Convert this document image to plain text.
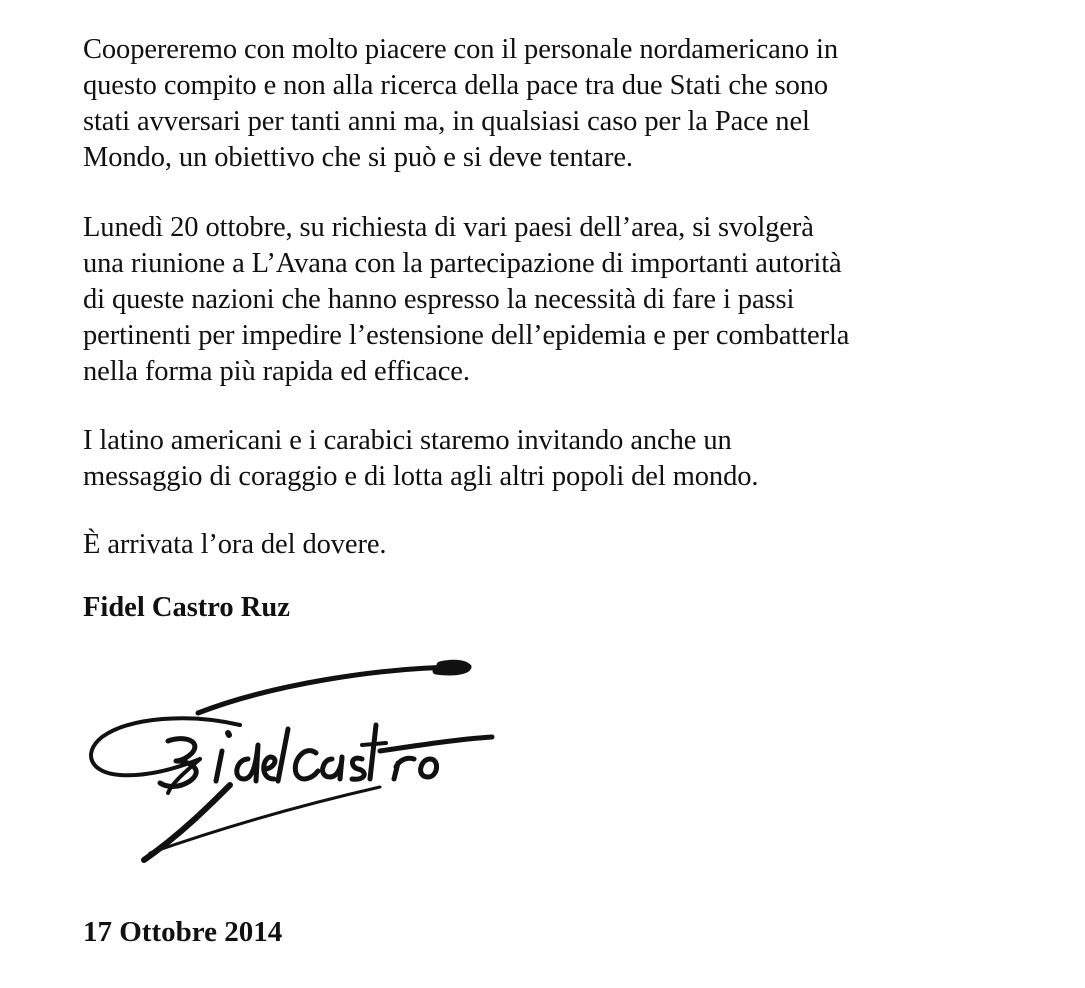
Coopereremo con molto piacere con il personale nordamericano in
questo compito e non alla ricerca della pace tra due Stati che sono
stati avversari per tanti anni ma, in qualsiasi caso per la Pace nel
Mondo, un obiettivo che si può e si deve tentare.

Lunedì 20 ottobre, su richiesta di vari paesi dell’area, si svolgerà
una riunione a L’Avana con la partecipazione di importanti autorità
di queste nazioni che hanno espresso la necessità di fare i passi
pertinenti per impedire l’estensione dell’epidemia e per combatterla
nella forma più rapida ed efficace.

I latino americani e i carabici staremo invitando anche un
messaggio di coraggio e di lotta agli altri popoli del mondo.

È arrivata l’ora del dovere.

Fidel Castro Ruz

17 Ottobre 2014
